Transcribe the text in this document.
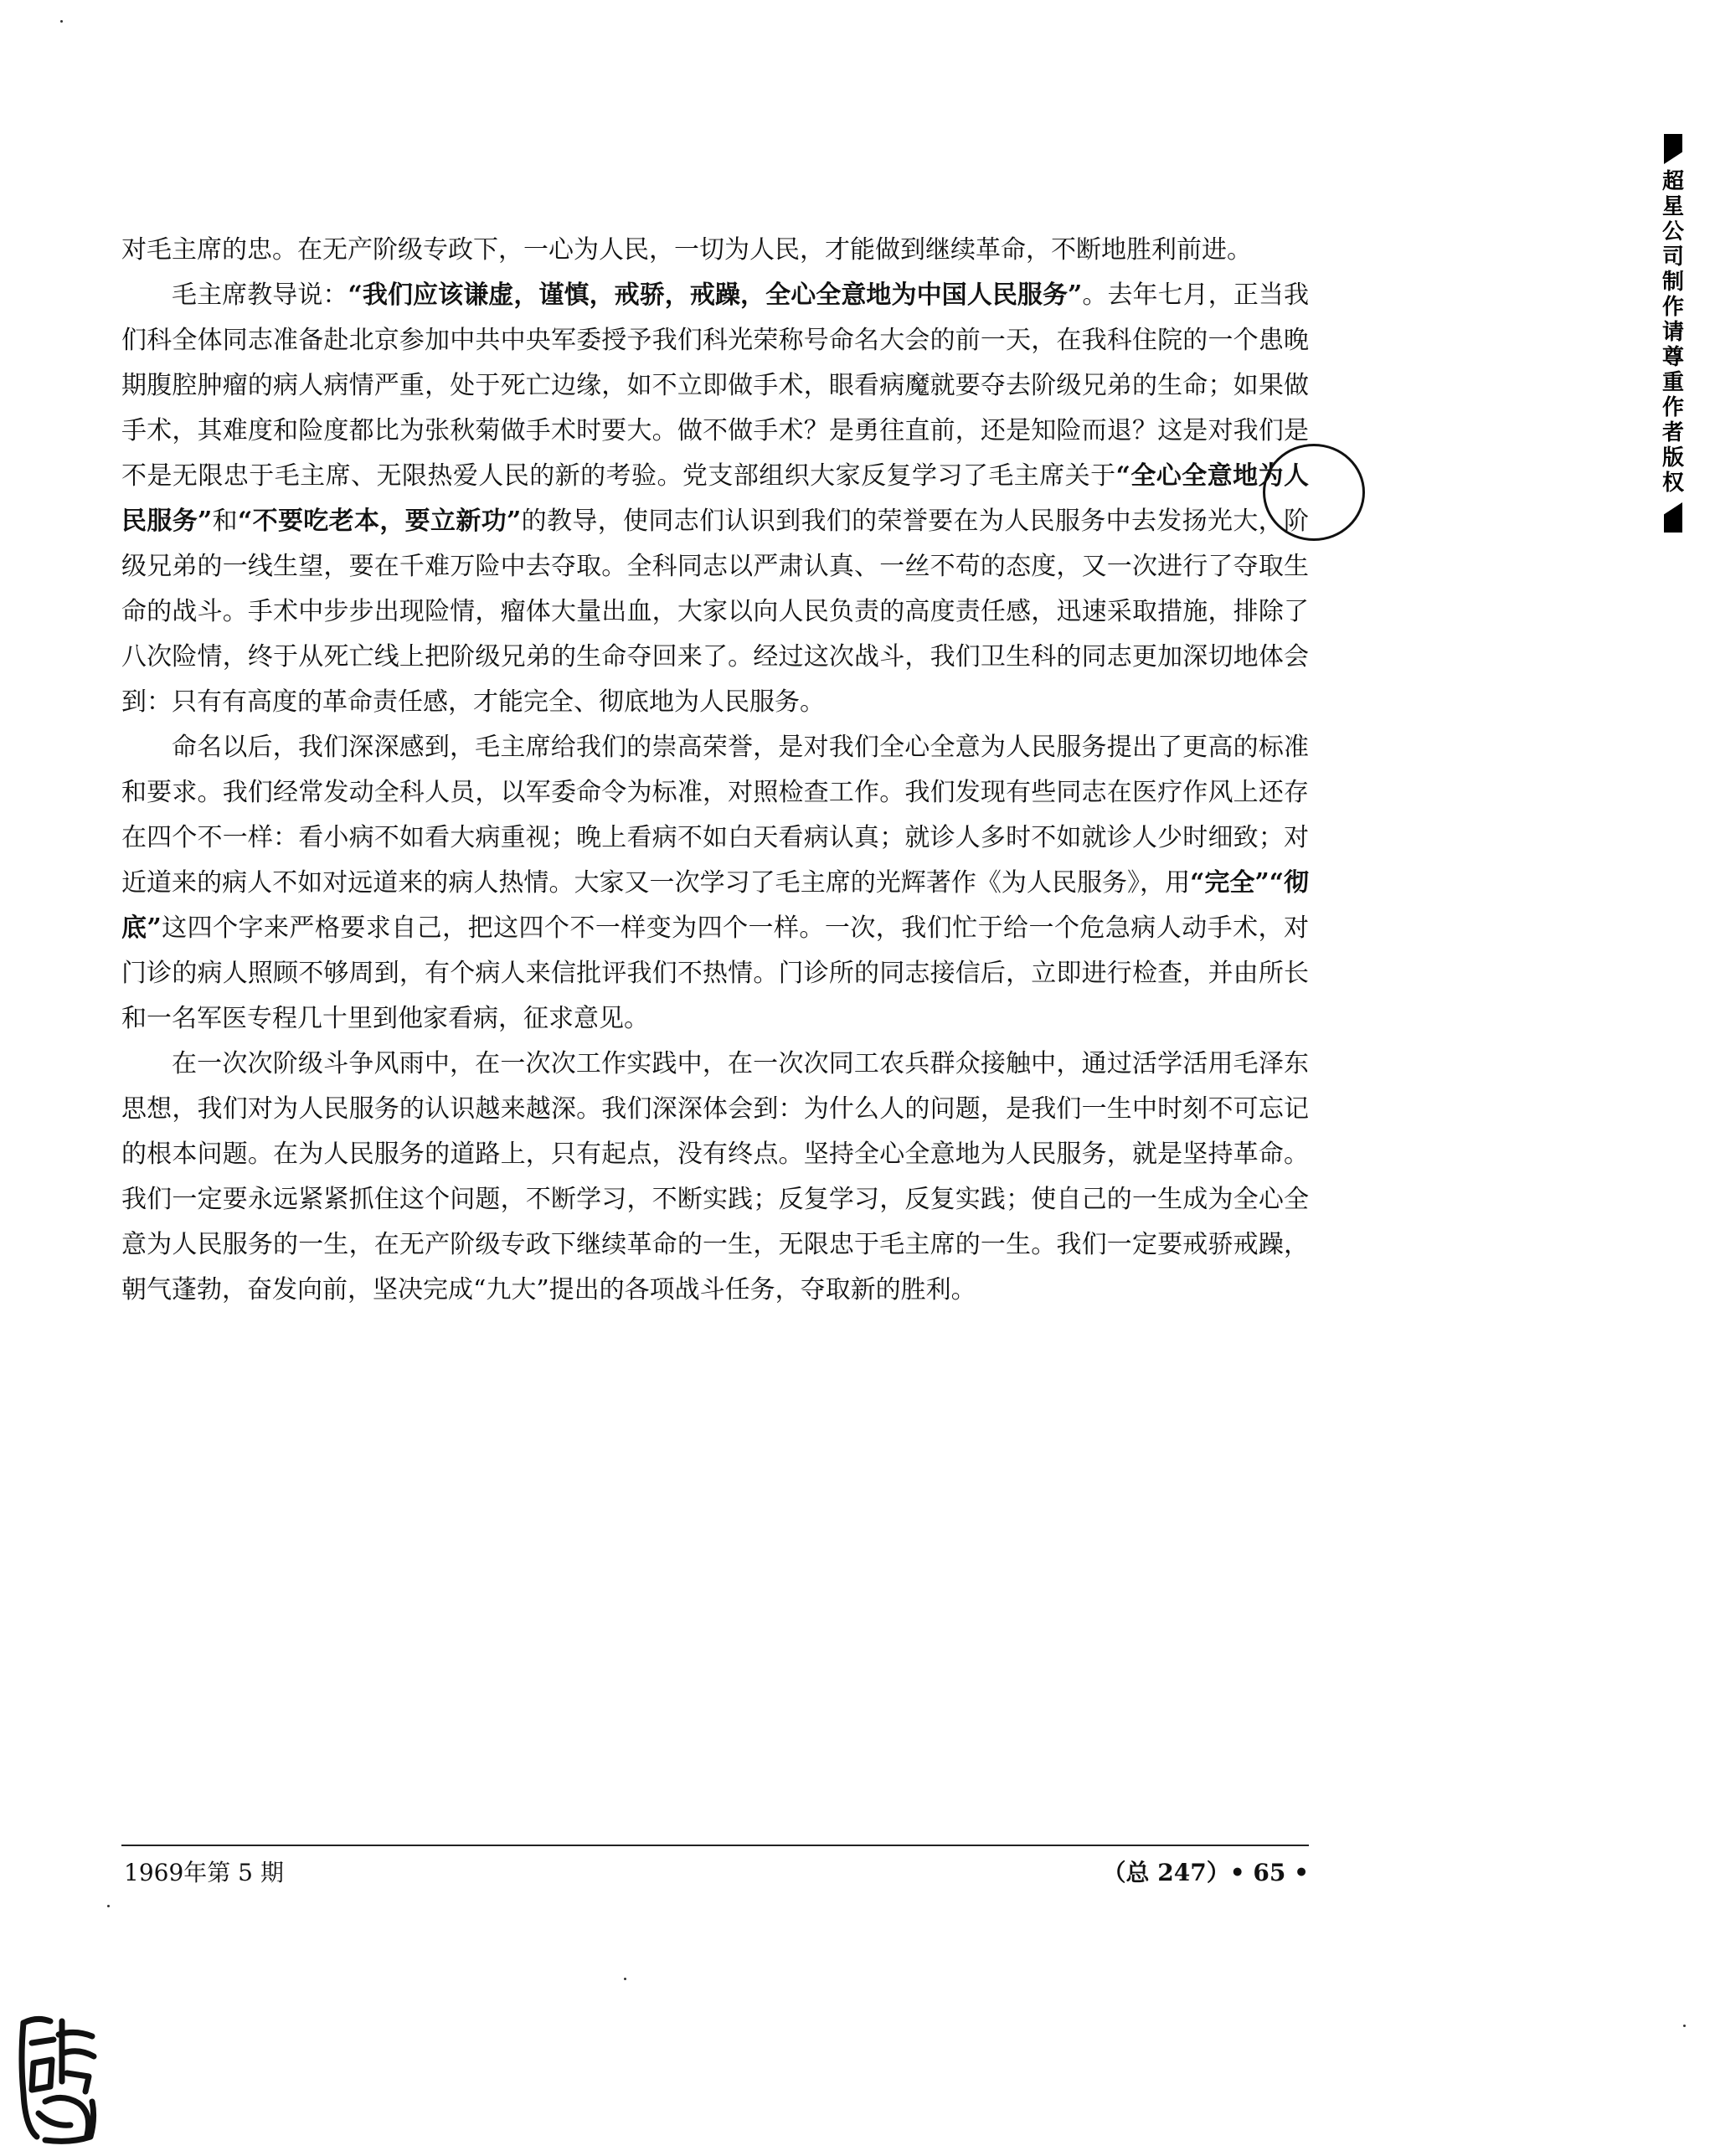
对毛主席的忠。在无产阶级专政下，一心为人民，一切为人民，才能做到继续革命，不断地胜利前进。

毛主席教导说：“我们应该谦虚，谨慎，戒骄，戒躁，全心全意地为中国人民服务”。去年七月，正当我们科全体同志准备赴北京参加中共中央军委授予我们科光荣称号命名大会的前一天，在我科住院的一个患晚期腹腔肿瘤的病人病情严重，处于死亡边缘，如不立即做手术，眼看病魔就要夺去阶级兄弟的生命；如果做手术，其难度和险度都比为张秋菊做手术时要大。做不做手术？是勇往直前，还是知险而退？这是对我们是不是无限忠于毛主席、无限热爱人民的新的考验。党支部组织大家反复学习了毛主席关于“全心全意地为人民服务”和“不要吃老本，要立新功”的教导，使同志们认识到我们的荣誉要在为人民服务中去发扬光大，阶级兄弟的一线生望，要在千难万险中去夺取。全科同志以严肃认真、一丝不苟的态度，又一次进行了夺取生命的战斗。手术中步步出现险情，瘤体大量出血，大家以向人民负责的高度责任感，迅速采取措施，排除了八次险情，终于从死亡线上把阶级兄弟的生命夺回来了。经过这次战斗，我们卫生科的同志更加深切地体会到：只有有高度的革命责任感，才能完全、彻底地为人民服务。

命名以后，我们深深感到，毛主席给我们的崇高荣誉，是对我们全心全意为人民服务提出了更高的标准和要求。我们经常发动全科人员，以军委命令为标准，对照检查工作。我们发现有些同志在医疗作风上还存在四个不一样：看小病不如看大病重视；晚上看病不如白天看病认真；就诊人多时不如就诊人少时细致；对近道来的病人不如对远道来的病人热情。大家又一次学习了毛主席的光辉著作《为人民服务》，用“完全”“彻底”这四个字来严格要求自己，把这四个不一样变为四个一样。一次，我们忙于给一个危急病人动手术，对门诊的病人照顾不够周到，有个病人来信批评我们不热情。门诊所的同志接信后，立即进行检查，并由所长和一名军医专程几十里到他家看病，征求意见。

在一次次阶级斗争风雨中，在一次次工作实践中，在一次次同工农兵群众接触中，通过活学活用毛泽东思想，我们对为人民服务的认识越来越深。我们深深体会到：为什么人的问题，是我们一生中时刻不可忘记的根本问题。在为人民服务的道路上，只有起点，没有终点。坚持全心全意地为人民服务，就是坚持革命。我们一定要永远紧紧抓住这个问题，不断学习，不断实践；反复学习，反复实践；使自己的一生成为全心全意为人民服务的一生，在无产阶级专政下继续革命的一生，无限忠于毛主席的一生。我们一定要戒骄戒躁，朝气蓬勃，奋发向前，坚决完成“九大”提出的各项战斗任务，夺取新的胜利。

1969年第 5 期	（总 247）• 65 •
超
星
公
司
制
作
请
尊
重
作
者
版
权
